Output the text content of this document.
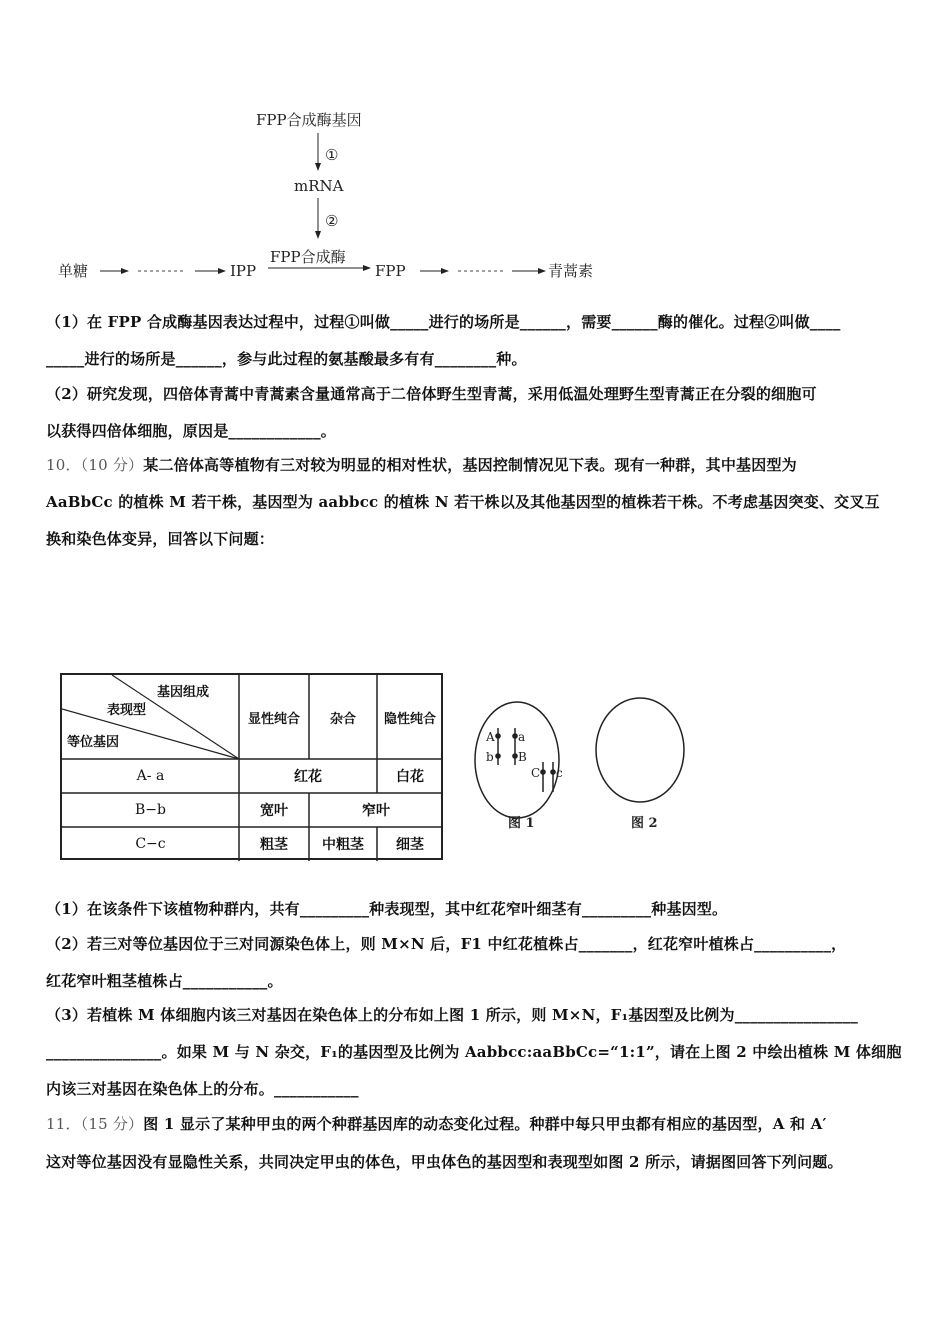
FPP合成酶基因
①
mRNA
②
FPP合成酶
单糖	IPP	FPP	青蒿素
（1）在 FPP 合成酶基因表达过程中，过程①叫做_____进行的场所是______，需要______酶的催化。过程②叫做____
_____进行的场所是______，参与此过程的氨基酸最多有有________种。
（2）研究发现，四倍体青蒿中青蒿素含量通常高于二倍体野生型青蒿，采用低温处理野生型青蒿正在分裂的细胞可
以获得四倍体细胞，原因是____________。
10．（10 分）某二倍体高等植物有三对较为明显的相对性状，基因控制情况见下表。现有一种群，其中基因型为
AaBbCc 的植株 M 若干株，基因型为 aabbcc 的植株 N 若干株以及其他基因型的植株若干株。不考虑基因突变、交叉互
换和染色体变异，回答以下问题：
基因组成
表现型
等位基因
显性纯合	杂合	隐性纯合
A- a	红花	白花
B−b	宽叶	窄叶
C−c	粗茎	中粗茎	细茎
A a
b B
C c
图 1	图 2
（1）在该条件下该植物种群内，共有_________种表现型，其中红花窄叶细茎有_________种基因型。
（2）若三对等位基因位于三对同源染色体上，则 M×N 后，F1 中红花植株占_______，红花窄叶植株占__________，
红花窄叶粗茎植株占___________。
（3）若植株 M 体细胞内该三对基因在染色体上的分布如上图 1 所示，则 M×N，F₁基因型及比例为________________
_______________。如果 M 与 N 杂交，F₁的基因型及比例为 Aabbcc:aaBbCc=“1:1”，请在上图 2 中绘出植株 M 体细胞
内该三对基因在染色体上的分布。___________
11．（15 分）图 1 显示了某种甲虫的两个种群基因库的动态变化过程。种群中每只甲虫都有相应的基因型，A 和 A′
这对等位基因没有显隐性关系，共同决定甲虫的体色，甲虫体色的基因型和表现型如图 2 所示，请据图回答下列问题。
